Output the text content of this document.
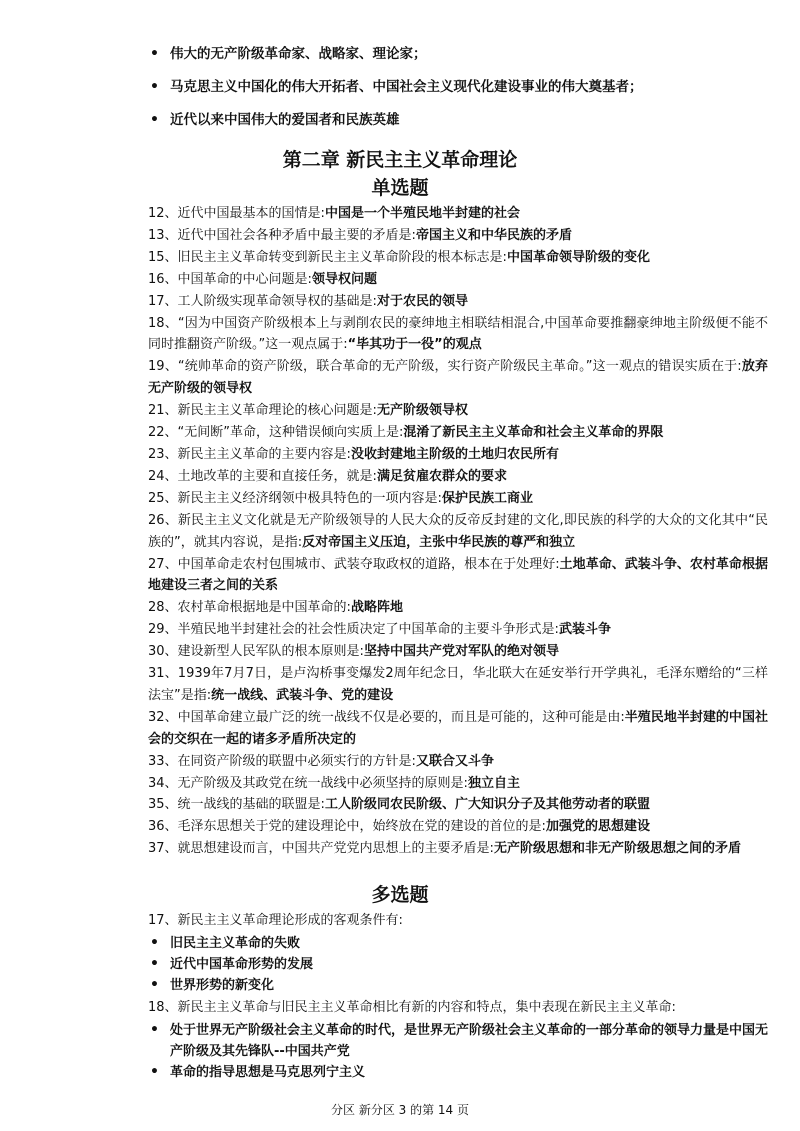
• 伟大的无产阶级革命家、战略家、理论家；
• 马克思主义中国化的伟大开拓者、中国社会主义现代化建设事业的伟大奠基者；
• 近代以来中国伟大的爱国者和民族英雄
第二章 新民主主义革命理论
单选题
12、近代中国最基本的国情是:中国是一个半殖民地半封建的社会
13、近代中国社会各种矛盾中最主要的矛盾是:帝国主义和中华民族的矛盾
15、旧民主主义革命转变到新民主主义革命阶段的根本标志是:中国革命领导阶级的变化
16、中国革命的中心问题是:领导权问题
17、工人阶级实现革命领导权的基础是:对于农民的领导
18、“因为中国资产阶级根本上与剥削农民的豪绅地主相联结相混合,中国革命要推翻豪绅地主阶级便不能不同时推翻资产阶级。”这一观点属于:“毕其功于一役”的观点
19、“统帅革命的资产阶级，联合革命的无产阶级，实行资产阶级民主革命。”这一观点的错误实质在于:放弃无产阶级的领导权
21、新民主主义革命理论的核心问题是:无产阶级领导权
22、“无间断”革命，这种错误倾向实质上是:混淆了新民主主义革命和社会主义革命的界限
23、新民主主义革命的主要内容是:没收封建地主阶级的土地归农民所有
24、土地改革的主要和直接任务，就是:满足贫雇农群众的要求
25、新民主主义经济纲领中极具特色的一项内容是:保护民族工商业
26、新民主主义文化就是无产阶级领导的人民大众的反帝反封建的文化,即民族的科学的大众的文化其中“民族的”，就其内容说，是指:反对帝国主义压迫，主张中华民族的尊严和独立
27、中国革命走农村包围城市、武装夺取政权的道路，根本在于处理好:土地革命、武装斗争、农村革命根据地建设三者之间的关系
28、农村革命根据地是中国革命的:战略阵地
29、半殖民地半封建社会的社会性质决定了中国革命的主要斗争形式是:武装斗争
30、建设新型人民军队的根本原则是:坚持中国共产党对军队的绝对领导
31、1939年7月7日，是卢沟桥事变爆发2周年纪念日，华北联大在延安举行开学典礼，毛泽东赠给的“三样法宝”是指:统一战线、武装斗争、党的建设
32、中国革命建立最广泛的统一战线不仅是必要的，而且是可能的，这种可能是由:半殖民地半封建的中国社会的交织在一起的诸多矛盾所决定的
33、在同资产阶级的联盟中必须实行的方针是:又联合又斗争
34、无产阶级及其政党在统一战线中必须坚持的原则是:独立自主
35、统一战线的基础的联盟是:工人阶级同农民阶级、广大知识分子及其他劳动者的联盟
36、毛泽东思想关于党的建设理论中，始终放在党的建设的首位的是:加强党的思想建设
37、就思想建设而言，中国共产党党内思想上的主要矛盾是:无产阶级思想和非无产阶级思想之间的矛盾
多选题
17、新民主主义革命理论形成的客观条件有:
• 旧民主主义革命的失败
• 近代中国革命形势的发展
• 世界形势的新变化
18、新民主主义革命与旧民主主义革命相比有新的内容和特点，集中表现在新民主主义革命:
• 处于世界无产阶级社会主义革命的时代，是世界无产阶级社会主义革命的一部分革命的领导力量是中国无产阶级及其先锋队--中国共产党
• 革命的指导思想是马克思列宁主义
分区 新分区 3 的第 14 页
